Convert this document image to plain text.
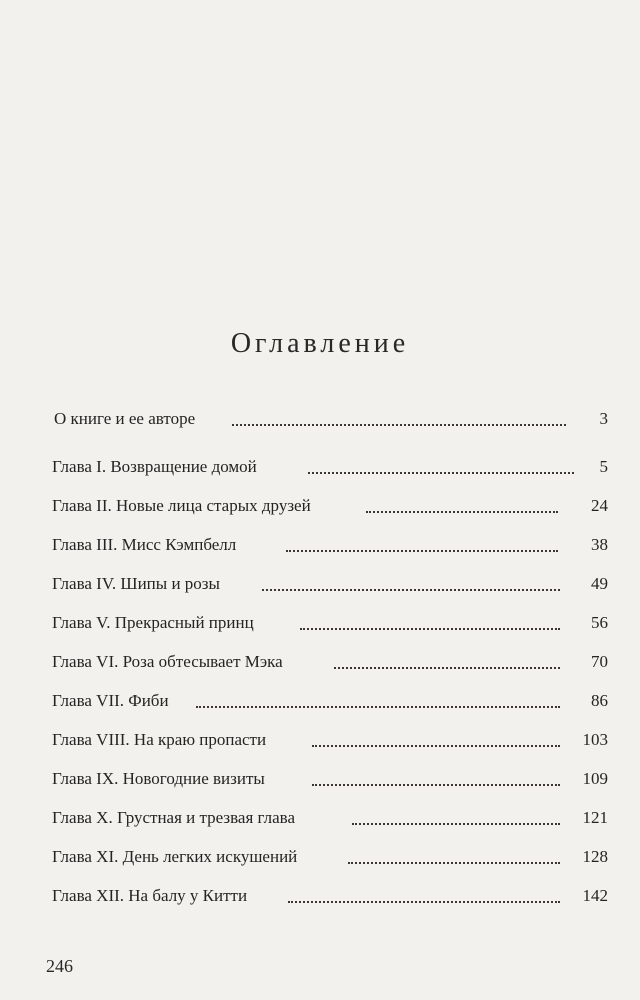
Оглавление
О книге и ее авторе	3
Глава I. Возвращение домой	5
Глава II. Новые лица старых друзей	24
Глава III. Мисс Кэмпбелл	38
Глава IV. Шипы и розы	49
Глава V. Прекрасный принц	56
Глава VI. Роза обтесывает Мэка	70
Глава VII. Фиби	86
Глава VIII. На краю пропасти	103
Глава IX. Новогодние визиты	109
Глава X. Грустная и трезвая глава	121
Глава XI. День легких искушений	128
Глава XII. На балу у Китти	142
246
